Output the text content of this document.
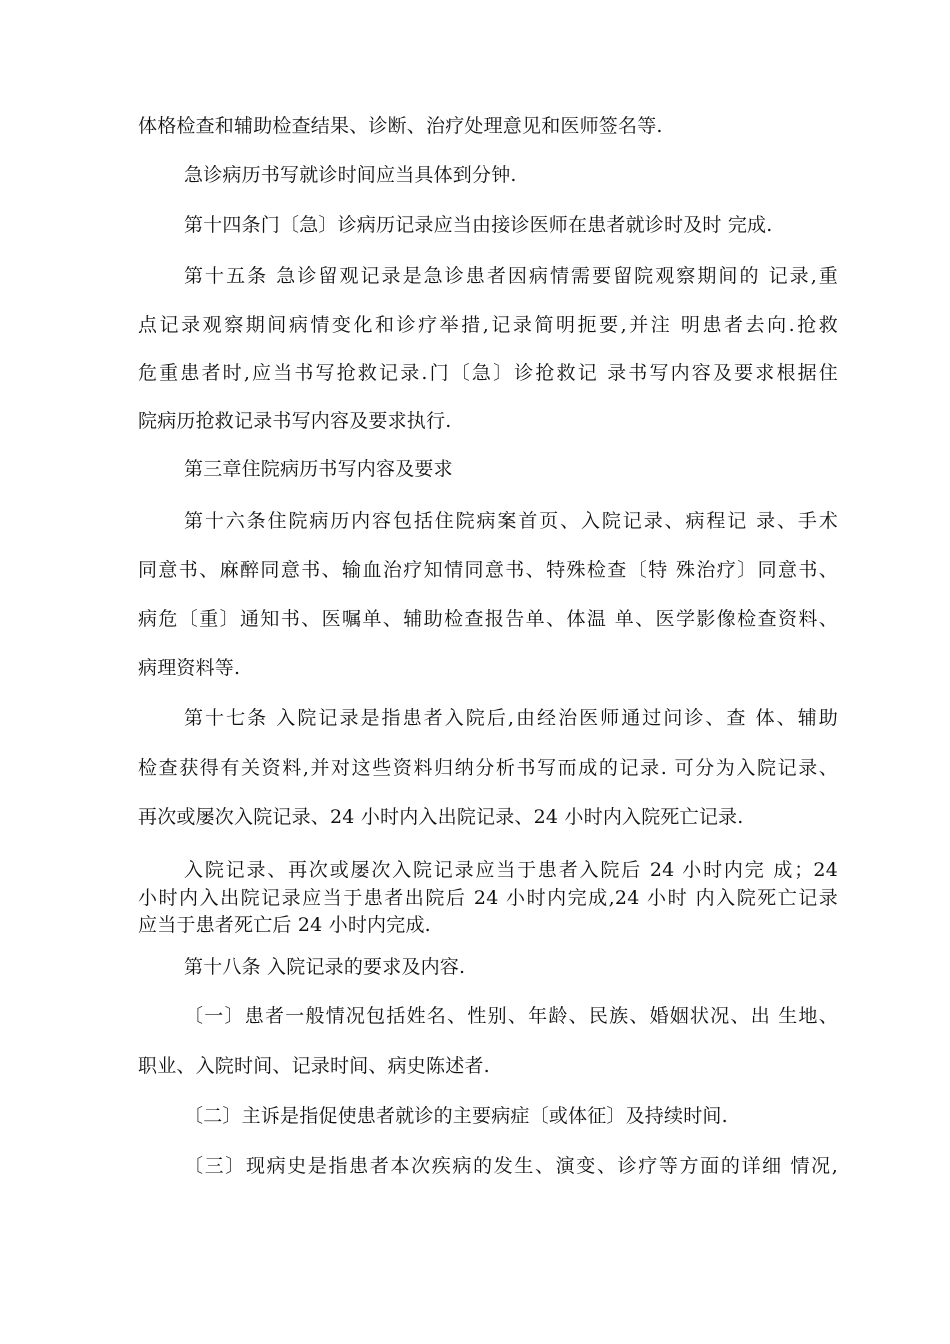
体格检查和辅助检查结果、诊断、治疗处理意见和医师签名等.
急诊病历书写就诊时间应当具体到分钟.
第十四条门〔急〕诊病历记录应当由接诊医师在患者就诊时及时 完成.
第十五条 急诊留观记录是急诊患者因病情需要留院观察期间的 记录,重
点记录观察期间病情变化和诊疗举措,记录简明扼要,并注 明患者去向.抢救
危重患者时,应当书写抢救记录.门〔急〕诊抢救记 录书写内容及要求根据住
院病历抢救记录书写内容及要求执行.
第三章住院病历书写内容及要求
第十六条住院病历内容包括住院病案首页、入院记录、病程记 录、手术
同意书、麻醉同意书、输血治疗知情同意书、特殊检查〔特 殊治疗〕同意书、
病危〔重〕通知书、医嘱单、辅助检查报告单、体温 单、医学影像检查资料、
病理资料等.
第十七条 入院记录是指患者入院后,由经治医师通过问诊、查 体、辅助
检查获得有关资料,并对这些资料归纳分析书写而成的记录. 可分为入院记录、
再次或屡次入院记录、24 小时内入出院记录、24 小时内入院死亡记录.
入院记录、再次或屡次入院记录应当于患者入院后 24 小时内完 成；24
小时内入出院记录应当于患者出院后 24 小时内完成,24 小时 内入院死亡记录
应当于患者死亡后 24 小时内完成.
第十八条 入院记录的要求及内容.
〔一〕患者一般情况包括姓名、性别、年龄、民族、婚姻状况、出 生地、
职业、入院时间、记录时间、病史陈述者.
〔二〕主诉是指促使患者就诊的主要病症〔或体征〕及持续时间.
〔三〕现病史是指患者本次疾病的发生、演变、诊疗等方面的详细 情况,
